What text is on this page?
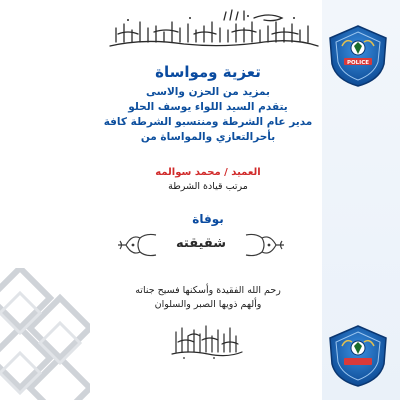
POLICE
تعزية ومواساة
بمزيد من الحزن والاسى
يتقدم السيد اللواء يوسف الحلو
مدير عام الشرطة ومنتسبو الشرطة كافة
بأحرالتعازي والمواساة من
العميد / محمد سوالمه
مرتب قيادة الشرطة
بوفاة
شقيقته
رحم الله الفقيدة وأسكنها فسيح جناته
وألهم ذويها الصبر والسلوان
